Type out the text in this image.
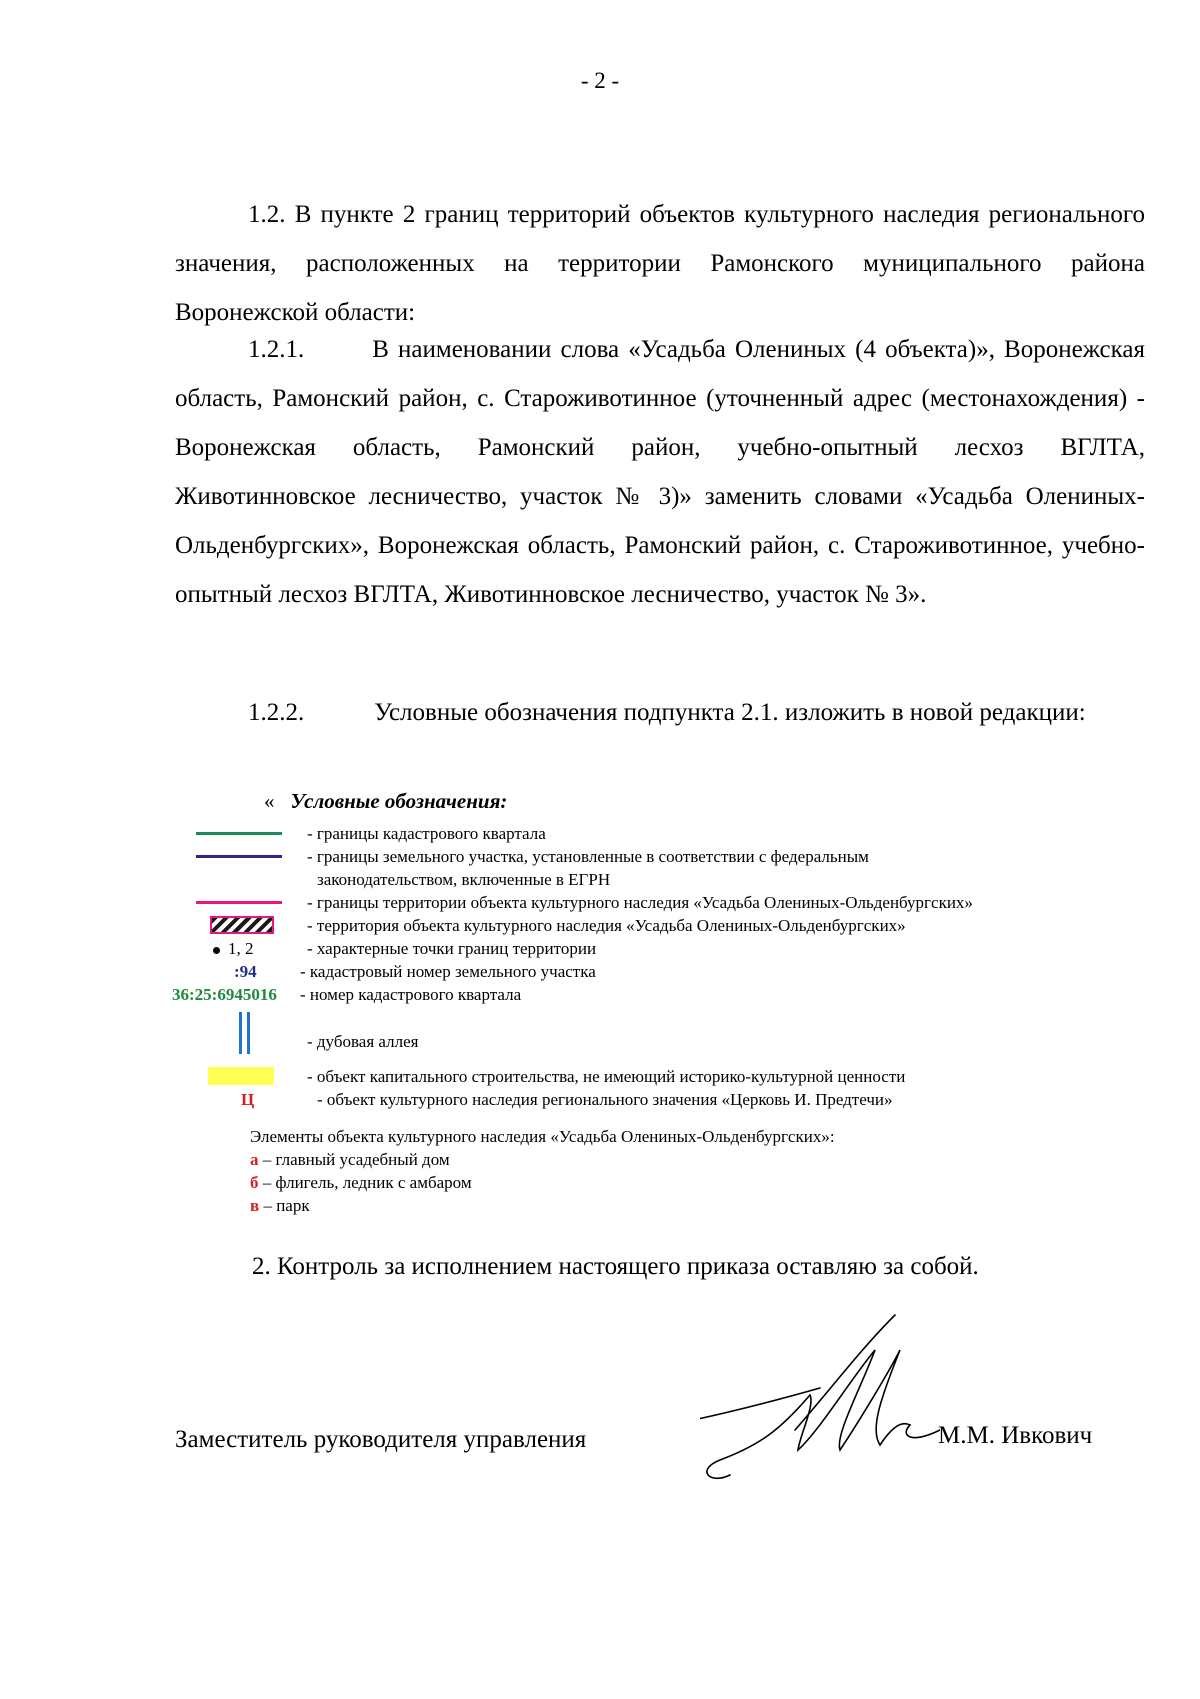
- 2 -

1.2. В пункте 2 границ территорий объектов культурного наследия регионального значения, расположенных на территории Рамонского муниципального района Воронежской области:

1.2.1.	В наименовании слова «Усадьба Олениных (4 объекта)», Воронежская область, Рамонский район, с. Староживотинное (уточненный адрес (местонахождения) - Воронежская область, Рамонский район, учебно-опытный лесхоз ВГЛТА, Животинновское лесничество, участок № 3)» заменить словами «Усадьба Олениных-Ольденбургских», Воронежская область, Рамонский район, с. Староживотинное, учебно-опытный лесхоз ВГЛТА, Животинновское лесничество, участок № 3».

1.2.2.	Условные обозначения подпункта 2.1. изложить в новой редакции:

« Условные обозначения:
- границы кадастрового квартала
- границы земельного участка, установленные в соответствии с федеральным
законодательством, включенные в ЕГРН
- границы территории объекта культурного наследия «Усадьба Олениных-Ольденбургских»
- территория объекта культурного наследия «Усадьба Олениных-Ольденбургских»
1, 2	- характерные точки границ территории
:94	- кадастровый номер земельного участка
36:25:6945016 - номер кадастрового квартала
- дубовая аллея
- объект капитального строительства, не имеющий историко-культурной ценности
Ц	- объект культурного наследия регионального значения «Церковь И. Предтечи»
Элементы объекта культурного наследия «Усадьба Олениных-Ольденбургских»:
а – главный усадебный дом
б – флигель, ледник с амбаром
в – парк
2. Контроль за исполнением настоящего приказа оставляю за собой.
Заместитель руководителя управления	М.М. Ивкович
